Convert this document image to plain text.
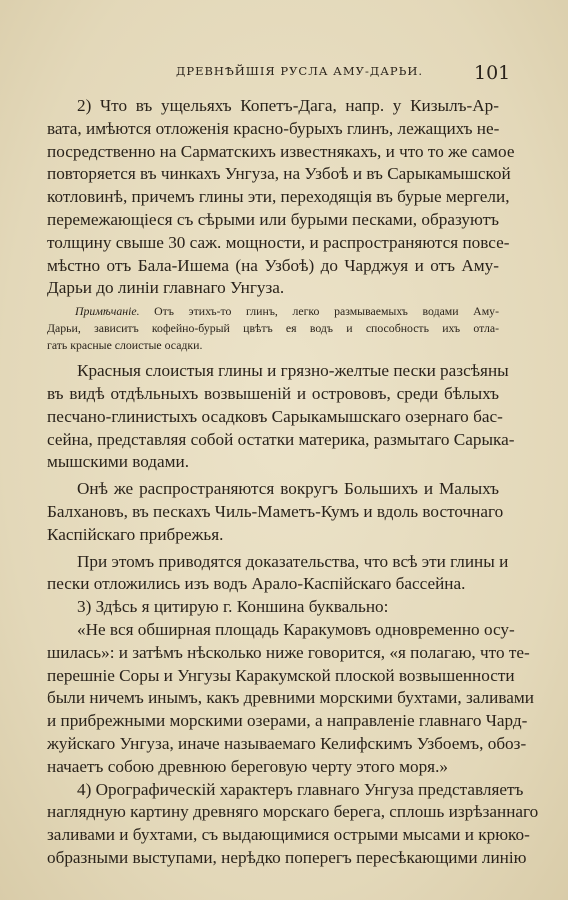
ДРЕВНѢЙШІЯ РУСЛА АМУ-ДАРЬИ.	101
2) Что въ ущельяхъ Копетъ-Дага, напр. у Кизылъ-Ар-
вата, имѣются отложенія красно-бурыхъ глинъ, лежащихъ не-
посредственно на Сарматскихъ известнякахъ, и что то же самое
повторяется въ чинкахъ Унгуза, на Узбоѣ и въ Сарыкамышской
котловинѣ, причемъ глины эти, переходящія въ бурые мергели,
перемежающіеся съ сѣрыми или бурыми песками, образуютъ
толщину свыше 30 саж. мощности, и распространяются повсе-
мѣстно отъ Бала-Ишема (на Узбоѣ) до Чарджуя и отъ Аму-
Дарьи до линіи главнаго Унгуза.
Примѣчаніе. Отъ этихъ-то глинъ, легко размываемыхъ водами Аму-
Дарьи, зависитъ кофейно-бурый цвѣтъ ея водъ и способность ихъ отла-
гать красные слоистые осадки.
Красныя слоистыя глины и грязно-желтые пески разсѣяны
въ видѣ отдѣльныхъ возвышеній и острововъ, среди бѣлыхъ
песчано-глинистыхъ осадковъ Сарыкамышскаго озернаго бас-
сейна, представляя собой остатки материка, размытаго Сарыка-
мышскими водами.
Онѣ же распространяются вокругъ Большихъ и Малыхъ
Балхановъ, въ пескахъ Чиль-Маметъ-Кумъ и вдоль восточнаго
Каспійскаго прибрежья.
При этомъ приводятся доказательства, что всѣ эти глины и
пески отложились изъ водъ Арало-Каспійскаго бассейна.
3) Здѣсь я цитирую г. Коншина буквально:
«Не вся обширная площадь Каракумовъ одновременно осу-
шилась»: и затѣмъ нѣсколько ниже говорится, «я полагаю, что те-
перешніе Соры и Унгузы Каракумской плоской возвышенности
были ничемъ инымъ, какъ древними морскими бухтами, заливами
и прибрежными морскими озерами, а направленіе главнаго Чард-
жуйскаго Унгуза, иначе называемаго Келифскимъ Узбоемъ, обоз-
начаетъ собою древнюю береговую черту этого моря.»
4) Орографическій характеръ главнаго Унгуза представляетъ
наглядную картину древняго морскаго берега, сплошь изрѣзаннаго
заливами и бухтами, съ выдающимися острыми мысами и крюко-
образными выступами, нерѣдко поперегъ пересѣкающими линію
